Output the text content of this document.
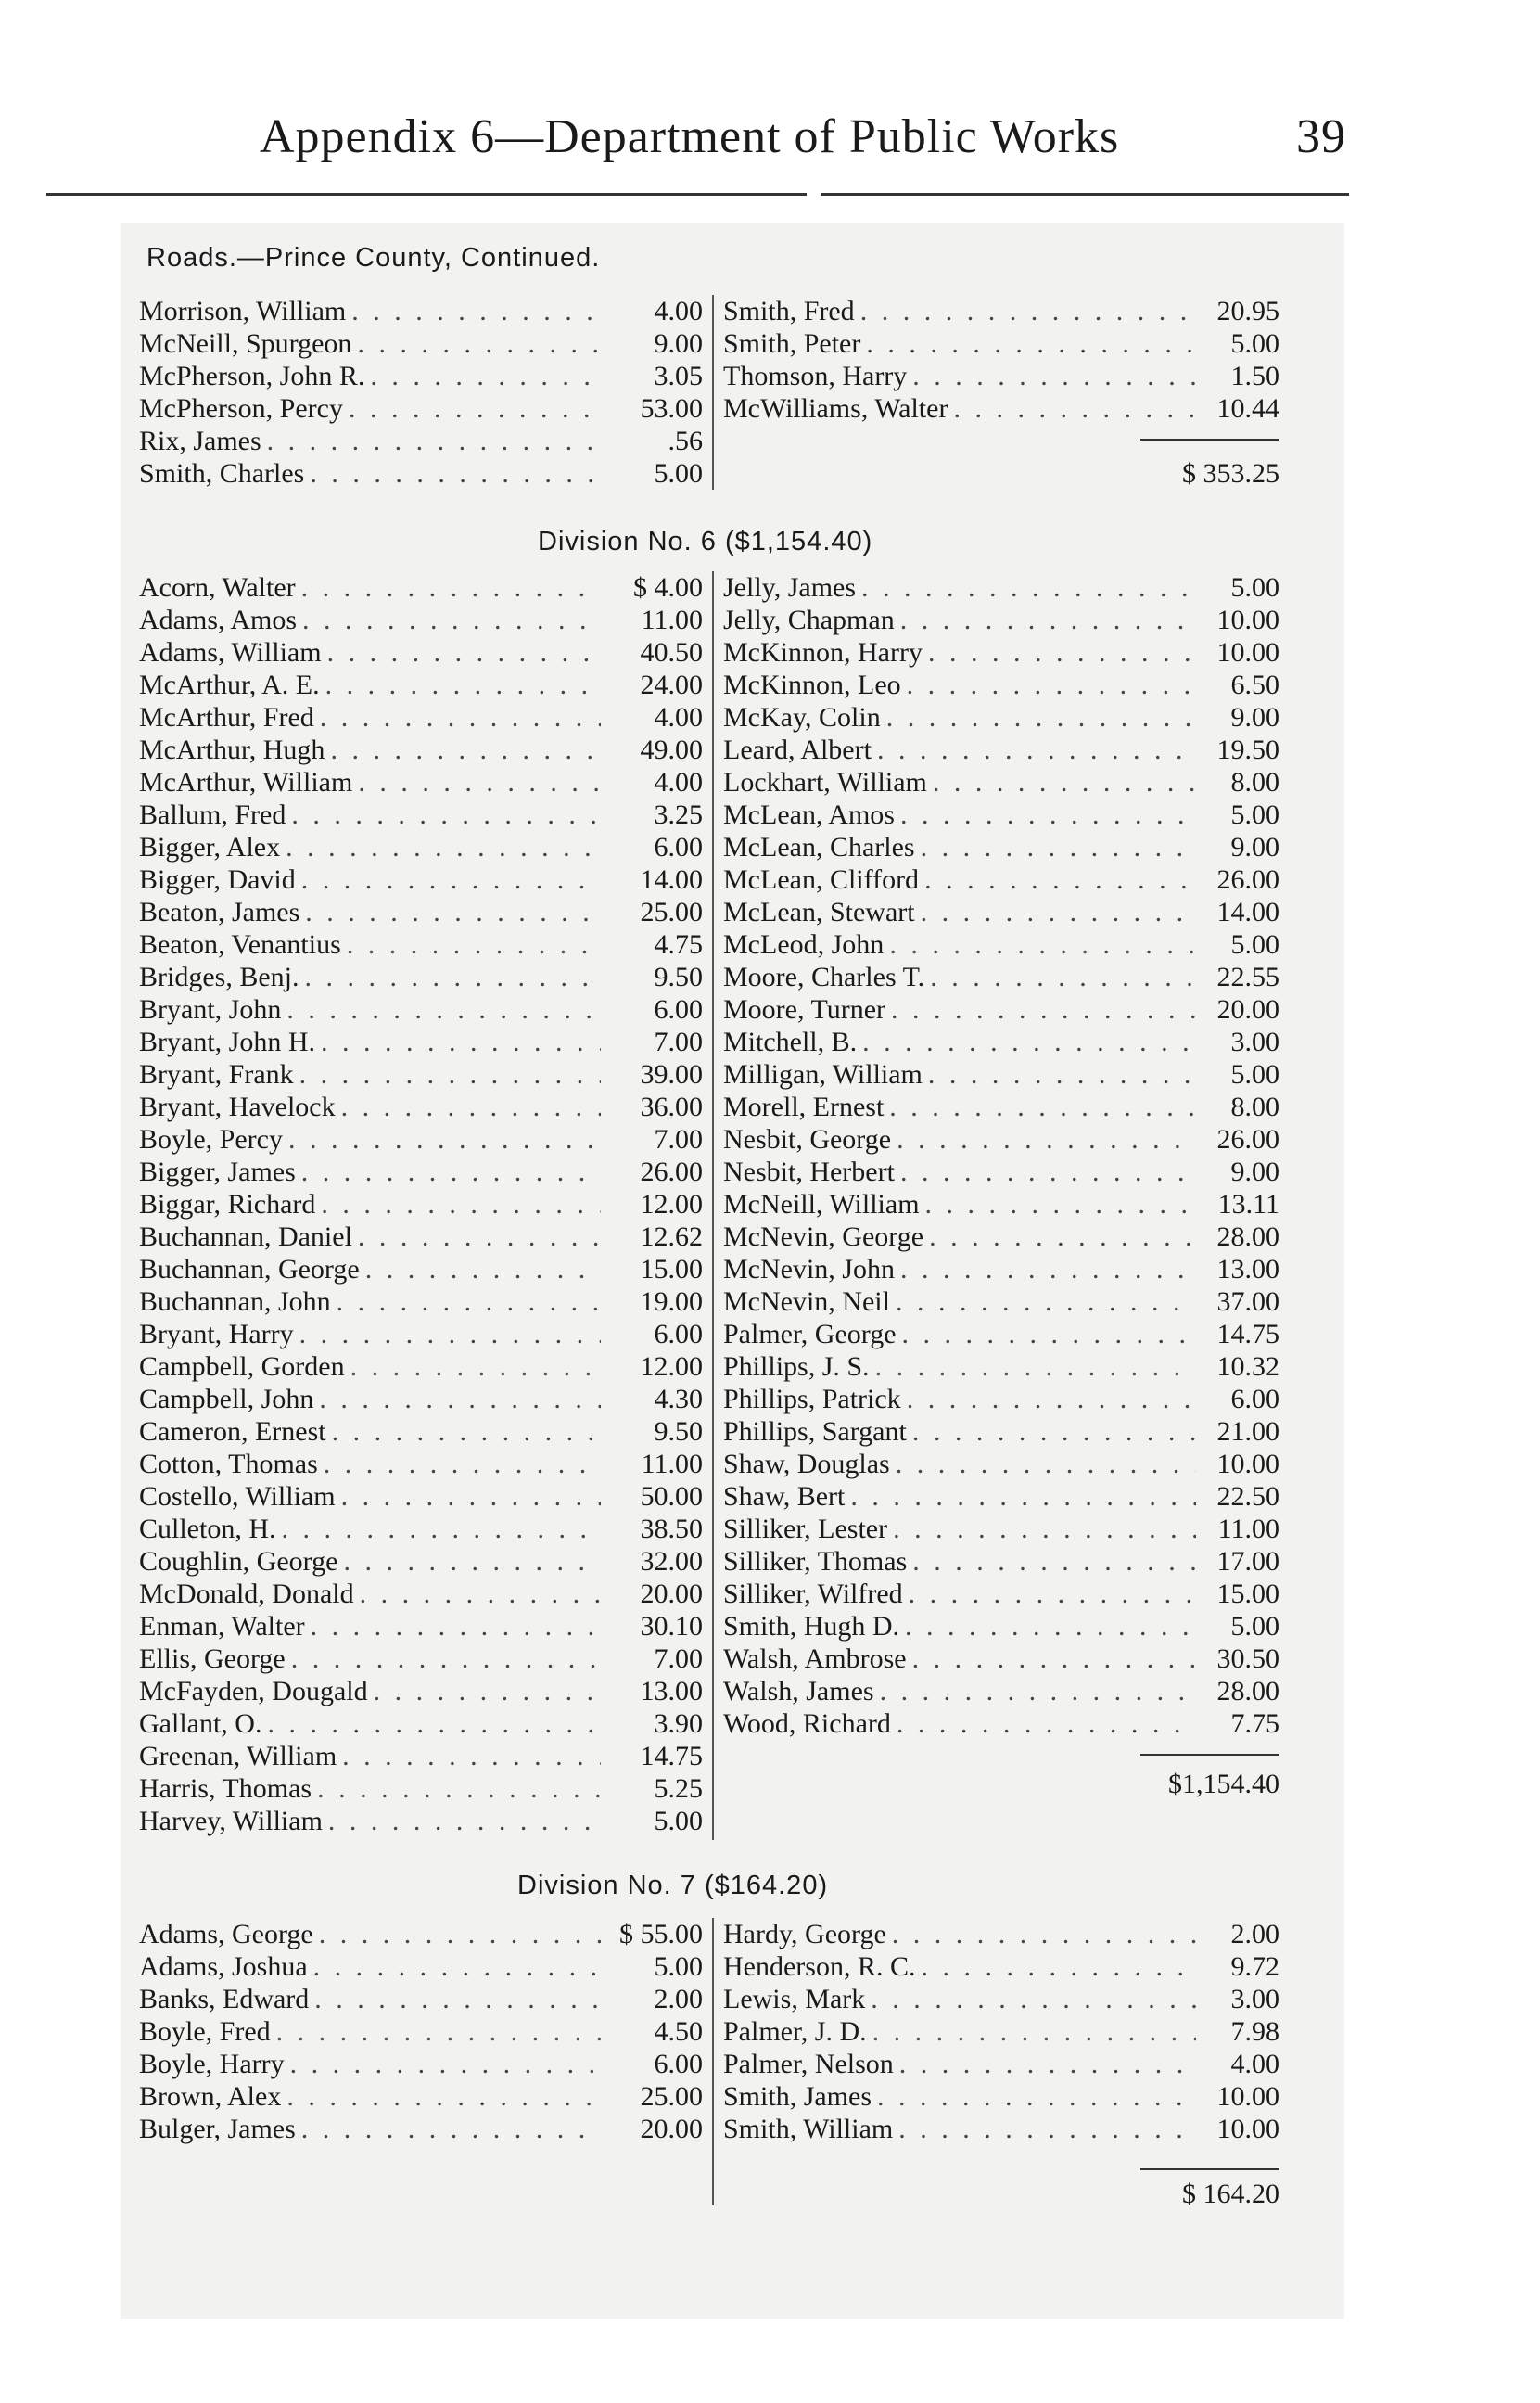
Appendix 6—Department of Public Works	39
Roads.—Prince County, Continued.
Morrison, William . . .	4.00
McNeill, Spurgeon . . .	9.00
McPherson, John R. . . .	3.05
McPherson, Percy . . .	53.00
Rix, James . . .	.56
Smith, Charles . . .	5.00
Smith, Fred . . .	20.95
Smith, Peter . . .	5.00
Thomson, Harry . . .	1.50
McWilliams, Walter . . .	10.44
$ 353.25
Division No. 6 ($1,154.40)
Acorn, Walter . . .	$ 4.00
Adams, Amos . . .	11.00
Adams, William . . .	40.50
McArthur, A. E. . . .	24.00
McArthur, Fred . . .	4.00
McArthur, Hugh . . .	49.00
McArthur, William . . .	4.00
Ballum, Fred . . .	3.25
Bigger, Alex . . .	6.00
Bigger, David . . .	14.00
Beaton, James . . .	25.00
Beaton, Venantius . . .	4.75
Bridges, Benj. . . .	9.50
Bryant, John . . .	6.00
Bryant, John H. . . .	7.00
Bryant, Frank . . .	39.00
Bryant, Havelock . . .	36.00
Boyle, Percy . . .	7.00
Bigger, James . . .	26.00
Biggar, Richard . . .	12.00
Buchannan, Daniel . . .	12.62
Buchannan, George . . .	15.00
Buchannan, John . . .	19.00
Bryant, Harry . . .	6.00
Campbell, Gorden . . .	12.00
Campbell, John . . .	4.30
Cameron, Ernest . . .	9.50
Cotton, Thomas . . .	11.00
Costello, William . . .	50.00
Culleton, H. . . .	38.50
Coughlin, George . . .	32.00
McDonald, Donald . . .	20.00
Enman, Walter . . .	30.10
Ellis, George . . .	7.00
McFayden, Dougald . . .	13.00
Gallant, O. . . .	3.90
Greenan, William . . .	14.75
Harris, Thomas . . .	5.25
Harvey, William . . .	5.00
Jelly, James . . .	5.00
Jelly, Chapman . . .	10.00
McKinnon, Harry . . .	10.00
McKinnon, Leo . . .	6.50
McKay, Colin . . .	9.00
Leard, Albert . . .	19.50
Lockhart, William . . .	8.00
McLean, Amos . . .	5.00
McLean, Charles . . .	9.00
McLean, Clifford . . .	26.00
McLean, Stewart . . .	14.00
McLeod, John . . .	5.00
Moore, Charles T. . . .	22.55
Moore, Turner . . .	20.00
Mitchell, B. . . .	3.00
Milligan, William . . .	5.00
Morell, Ernest . . .	8.00
Nesbit, George . . .	26.00
Nesbit, Herbert . . .	9.00
McNeill, William . . .	13.11
McNevin, George . . .	28.00
McNevin, John . . .	13.00
McNevin, Neil . . .	37.00
Palmer, George . . .	14.75
Phillips, J. S. . . .	10.32
Phillips, Patrick . . .	6.00
Phillips, Sargant . . .	21.00
Shaw, Douglas . . .	10.00
Shaw, Bert . . .	22.50
Silliker, Lester . . .	11.00
Silliker, Thomas . . .	17.00
Silliker, Wilfred . . .	15.00
Smith, Hugh D. . . .	5.00
Walsh, Ambrose . . .	30.50
Walsh, James . . .	28.00
Wood, Richard . . .	7.75
$1,154.40
Division No. 7 ($164.20)
Adams, George . . .	$ 55.00
Adams, Joshua . . .	5.00
Banks, Edward . . .	2.00
Boyle, Fred . . .	4.50
Boyle, Harry . . .	6.00
Brown, Alex . . .	25.00
Bulger, James . . .	20.00
Hardy, George . . .	2.00
Henderson, R. C. . . .	9.72
Lewis, Mark . . .	3.00
Palmer, J. D. . . .	7.98
Palmer, Nelson . . .	4.00
Smith, James . . .	10.00
Smith, William . . .	10.00
$ 164.20
